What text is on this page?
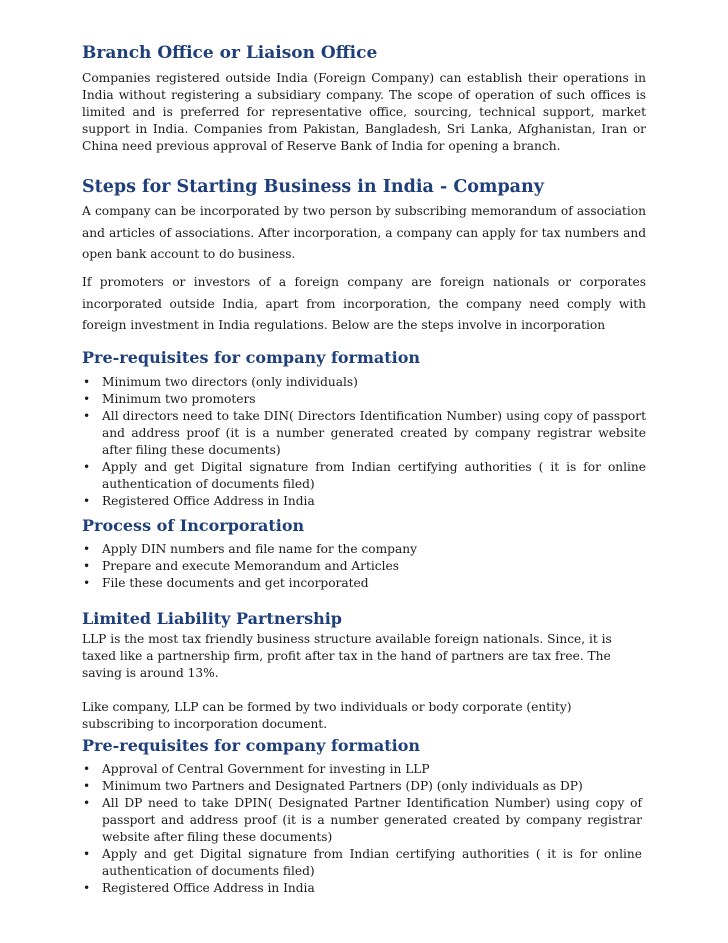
Branch Office or Liaison Office

Companies registered outside India (Foreign Company) can establish their operations in India without registering a subsidiary company. The scope of operation of such offices is limited and is preferred for representative office, sourcing, technical support, market support in India. Companies from Pakistan, Bangladesh, Sri Lanka, Afghanistan, Iran or China need previous approval of Reserve Bank of India for opening a branch.

Steps for Starting Business in India - Company

A company can be incorporated by two person by subscribing memorandum of association and articles of associations. After incorporation, a company can apply for tax numbers and open bank account to do business.

If promoters or investors of a foreign company are foreign nationals or corporates incorporated outside India, apart from incorporation, the company need comply with foreign investment in India regulations. Below are the steps involve in incorporation

Pre-requisites for company formation
• Minimum two directors (only individuals)
• Minimum two promoters
• All directors need to take DIN( Directors Identification Number) using copy of passport and address proof (it is a number generated created by company registrar website after filing these documents)
• Apply and get Digital signature from Indian certifying authorities ( it is for online authentication of documents filed)
• Registered Office Address in India
Process of Incorporation
• Apply DIN numbers and file name for the company
• Prepare and execute Memorandum and Articles
• File these documents and get incorporated
Limited Liability Partnership

LLP is the most tax friendly business structure available foreign nationals. Since, it is taxed like a partnership firm, profit after tax in the hand of partners are tax free. The saving is around 13%.

Like company, LLP can be formed by two individuals or body corporate (entity) subscribing to incorporation document.

Pre-requisites for company formation
• Approval of Central Government for investing in LLP
• Minimum two Partners and Designated Partners (DP) (only individuals as DP)
• All DP need to take DPIN( Designated Partner Identification Number) using copy of passport and address proof (it is a number generated created by company registrar website after filing these documents)
• Apply and get Digital signature from Indian certifying authorities ( it is for online authentication of documents filed)
• Registered Office Address in India
